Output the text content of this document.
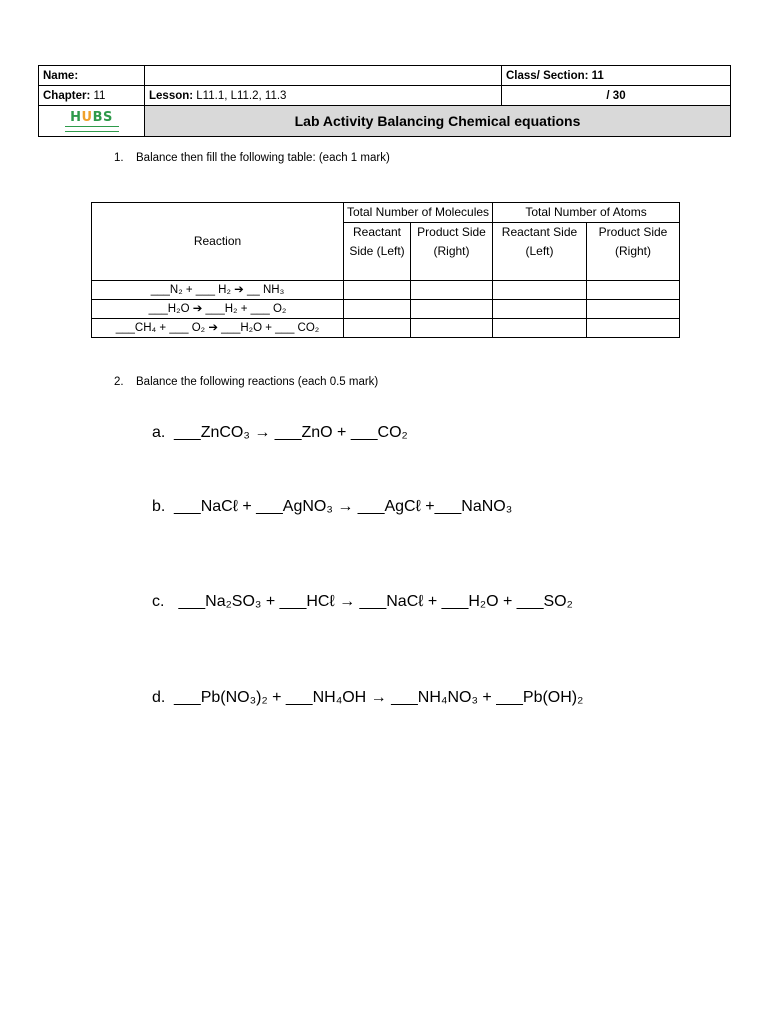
Name:		Class/ Section: 11
Chapter: 11	Lesson: L11.1, L11.2, 11.3	/ 30

HUBS	Lab Activity Balancing Chemical equations	
1. Balance then fill the following table: (each 1 mark)
Reaction	Total Number of Molecules		Total Number of Atoms	
	Reactant Side (Left)	Product Side (Right)	Reactant Side (Left)	Product Side (Right)
___N₂ + ___ H₂ ➔ __ NH₃				
___H₂O ➔ ___H₂ + ___ O₂				
___CH₄ + ___ O₂ ➔ ___H₂O + ___ CO₂				
2. Balance the following reactions (each 0.5 mark)
a. ___ZnCO₃ → ___ZnO + ___CO₂
b. ___NaCℓ + ___AgNO₃ → ___AgCℓ +___NaNO₃
c. ___Na₂SO₃ + ___HCℓ → ___NaCℓ + ___H₂O + ___SO₂
d. ___Pb(NO₃)₂ + ___NH₄OH → ___NH₄NO₃ + ___Pb(OH)₂
